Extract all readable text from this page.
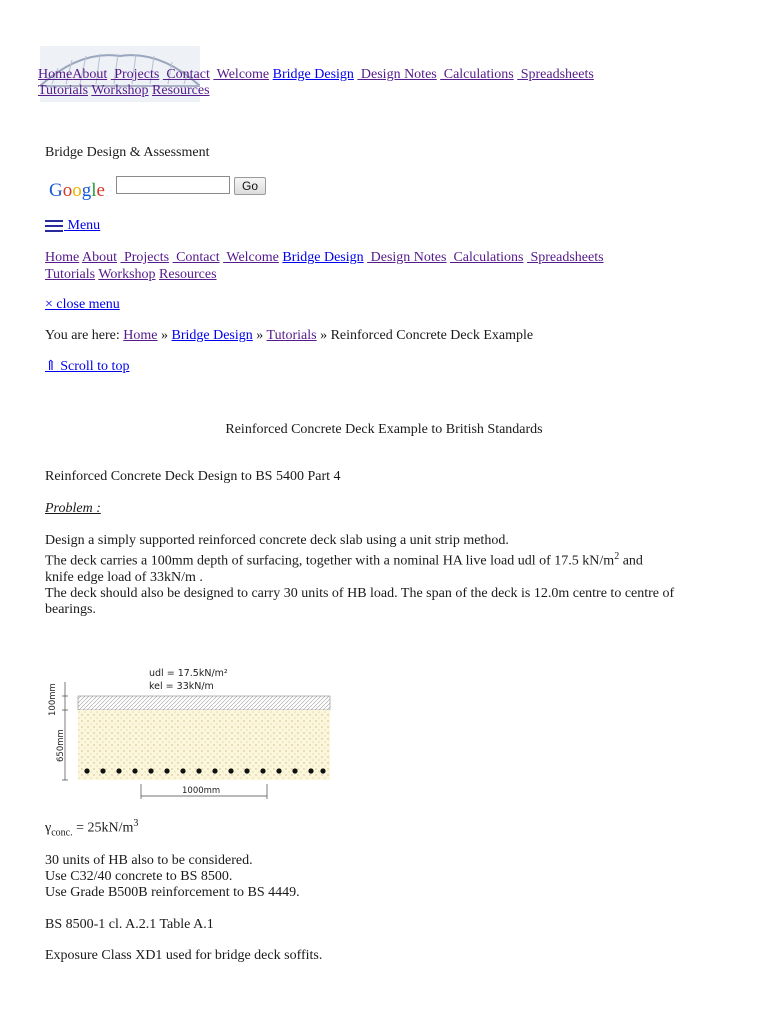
HomeAbout  Projects  Contact  Welcome Bridge Design  Design Notes  Calculations  Spreadsheets
Tutorials Workshop Resources
Bridge Design & Assessment
Google	Go
Menu
Home About  Projects  Contact  Welcome Bridge Design  Design Notes  Calculations  Spreadsheets
Tutorials Workshop Resources
× close menu
You are here: Home » Bridge Design » Tutorials » Reinforced Concrete Deck Example
⇑ Scroll to top
Reinforced Concrete Deck Example to British Standards
Reinforced Concrete Deck Design to BS 5400 Part 4
Problem :
Design a simply supported reinforced concrete deck slab using a unit strip method.
The deck carries a 100mm depth of surfacing, together with a nominal HA live load udl of 17.5 $kN/m^2$ and
knife edge load of 33kN/m .
The deck should also be designed to carry 30 units of HB load. The span of the deck is 12.0m centre to centre of bearings.
udl = 17.5kN/m²
kel = 33kN/m
100mm
650mm
1000mm
$\gamma_{conc.} = 25kN/m^3$
30 units of HB also to be considered.
Use C32/40 concrete to BS 8500.
Use Grade B500B reinforcement to BS 4449.
BS 8500-1 cl. A.2.1 Table A.1
Exposure Class XD1 used for bridge deck soffits.
